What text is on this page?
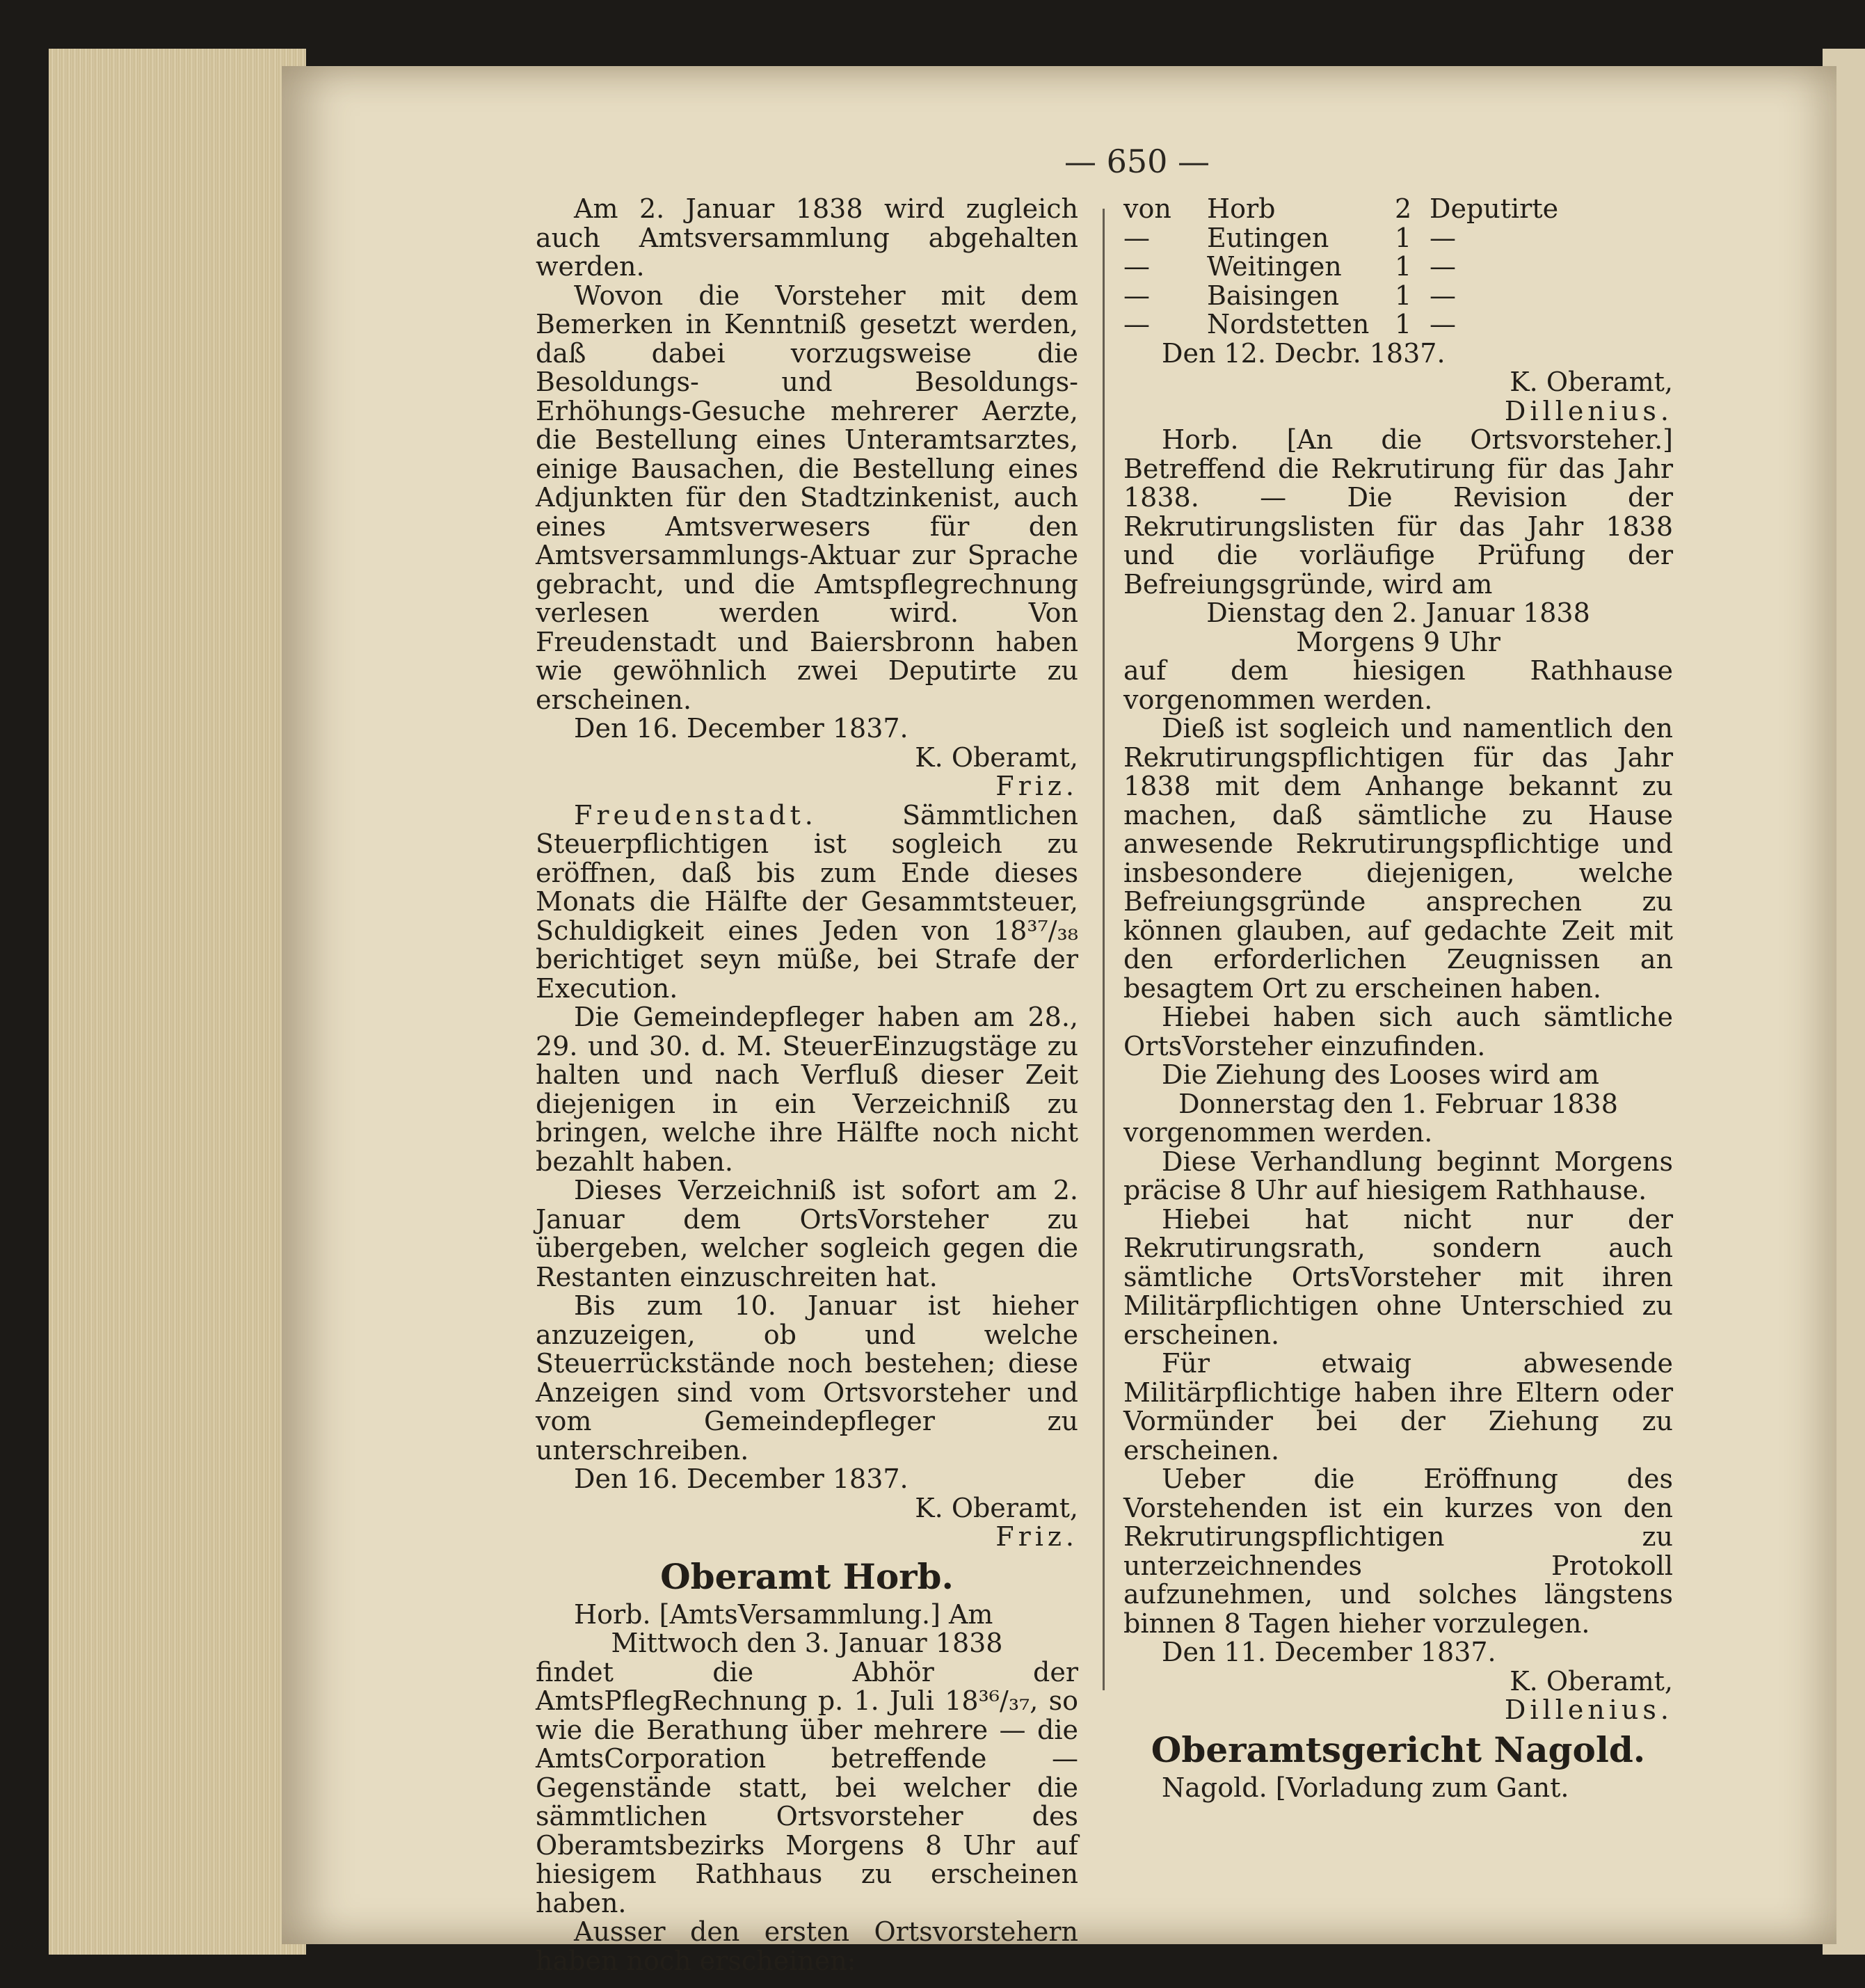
— 650 —

Am 2. Januar 1838 wird zugleich auch Amtsversammlung abgehalten werden.

Wovon die Vorsteher mit dem Bemerken in Kenntniß gesetzt werden, daß dabei vorzugsweise die Besoldungs- und Besoldungs-Erhöhungs-Gesuche mehrerer Aerzte, die Bestellung eines Unteramtsarztes, einige Bausachen, die Bestellung eines Adjunkten für den Stadtzinkenist, auch eines Amtsverwesers für den Amtsversammlungs-Aktuar zur Sprache gebracht, und die Amtspflegrechnung verlesen werden wird. Von Freudenstadt und Baiersbronn haben wie gewöhnlich zwei Deputirte zu erscheinen.

Den 16. December 1837.

K. Oberamt,

Friz.

Freudenstadt.	Sämmtlichen Steuerpflichtigen ist sogleich zu eröffnen, daß bis zum Ende dieses Monats die Hälfte der Gesammtsteuer, Schuldigkeit eines Jeden von 18³⁷/₃₈ berichtiget seyn müße, bei Strafe der Execution.

Die Gemeindepfleger haben am 28., 29. und 30. d. M. SteuerEinzugstäge zu halten und nach Verfluß dieser Zeit diejenigen in ein Verzeichniß zu bringen, welche ihre Hälfte noch nicht bezahlt haben.

Dieses Verzeichniß ist sofort am 2. Januar dem OrtsVorsteher zu übergeben, welcher sogleich gegen die Restanten einzuschreiten hat.

Bis zum 10. Januar ist hieher anzuzeigen, ob und welche Steuerrückstände noch bestehen; diese Anzeigen sind vom Ortsvorsteher und vom Gemeindepfleger zu unterschreiben.

Den 16. December 1837.

K. Oberamt,

Friz.

Oberamt Horb.

Horb. [AmtsVersammlung.] Am

Mittwoch den 3. Januar 1838

findet die Abhör der AmtsPflegRechnung p. 1. Juli 18³⁶/₃₇, so wie die Berathung über mehrere — die AmtsCorporation betreffende — Gegenstände statt, bei welcher die sämmtlichen Ortsvorsteher des Oberamtsbezirks Morgens 8 Uhr auf hiesigem Rathhaus zu erscheinen haben.

Ausser den ersten Ortsvorstehern haben noch erscheinen:

von	Horb	2 Deputirte
—	Eutingen	1 —
—	Weitingen	1 —
—	Baisingen	1 —
—	Nordstetten 1 —

Den 12. Decbr. 1837.

K. Oberamt,

Dillenius.

Horb. [An die Ortsvorsteher.] Betreffend die Rekrutirung für das Jahr 1838. — Die Revision der Rekrutirungslisten für das Jahr 1838 und die vorläufige Prüfung der Befreiungsgründe, wird am

Dienstag den 2. Januar 1838

Morgens 9 Uhr

auf dem hiesigen Rathhause vorgenommen werden.

Dieß ist sogleich und namentlich den Rekrutirungspflichtigen für das Jahr 1838 mit dem Anhange bekannt zu machen, daß sämtliche zu Hause anwesende Rekrutirungspflichtige und insbesondere diejenigen, welche Befreiungsgründe ansprechen zu können glauben, auf gedachte Zeit mit den erforderlichen Zeugnissen an besagtem Ort zu erscheinen haben.

Hiebei haben sich auch sämtliche OrtsVorsteher einzufinden.

Die Ziehung des Looses wird am

Donnerstag den 1. Februar 1838

vorgenommen werden.

Diese Verhandlung beginnt Morgens präcise 8 Uhr auf hiesigem Rathhause.

Hiebei hat nicht nur der Rekrutirungsrath, sondern auch sämtliche OrtsVorsteher mit ihren Militärpflichtigen ohne Unterschied zu erscheinen.

Für etwaig abwesende Militärpflichtige haben ihre Eltern oder Vormünder bei der Ziehung zu erscheinen.

Ueber die Eröffnung des Vorstehenden ist ein kurzes von den Rekrutirungspflichtigen zu unterzeichnendes Protokoll aufzunehmen, und solches längstens binnen 8 Tagen hieher vorzulegen.

Den 11. December 1837.

K. Oberamt,

Dillenius.

Oberamtsgericht Nagold.

Nagold. [Vorladung zum Gant.
